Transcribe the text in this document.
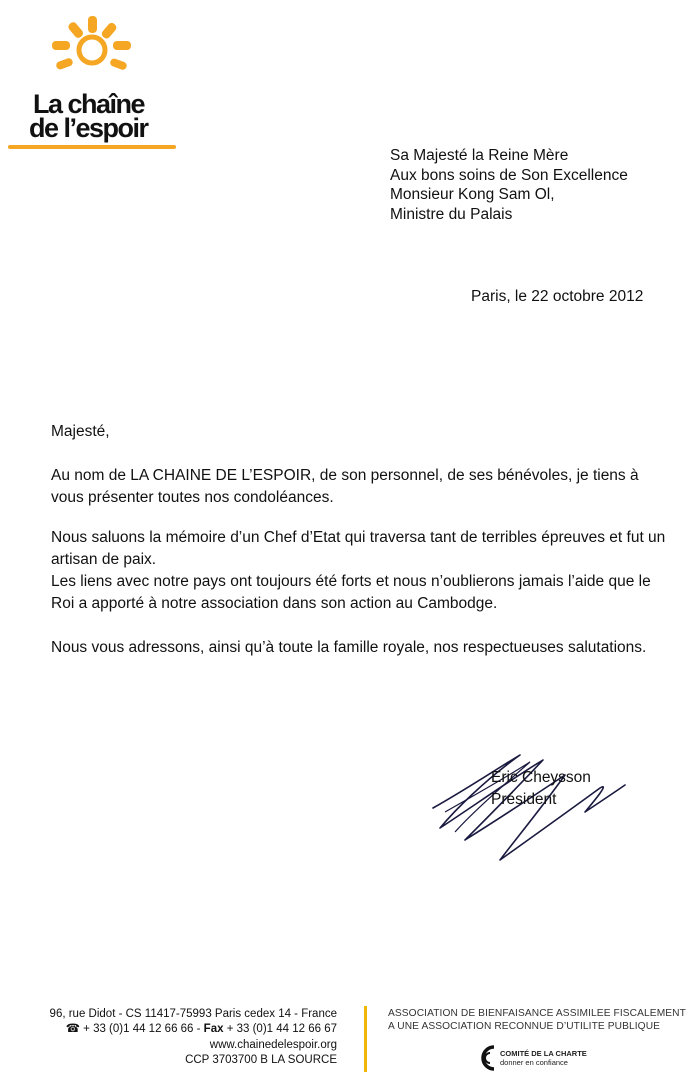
La chaîne
de l’espoir
Sa Majesté la Reine Mère
Aux bons soins de Son Excellence
Monsieur Kong Sam Ol,
Ministre du Palais
Paris, le 22 octobre 2012
Majesté,
Au nom de LA CHAINE DE L’ESPOIR, de son personnel, de ses bénévoles, je tiens à vous présenter toutes nos condoléances.
Nous saluons la mémoire d’un Chef d’Etat qui traversa tant de terribles épreuves et fut un artisan de paix.
Les liens avec notre pays ont toujours été forts et nous n’oublierons jamais l’aide que le Roi a apporté à notre association dans son action au Cambodge.
Nous vous adressons, ainsi qu’à toute la famille royale, nos respectueuses salutations.
Eric Cheysson
Président
96, rue Didot - CS 11417-75993 Paris cedex 14 - France
☎ + 33 (0)1 44 12 66 66 - Fax + 33 (0)1 44 12 66 67
www.chainedelespoir.org
CCP 3703700 B LA SOURCE
ASSOCIATION DE BIENFAISANCE ASSIMILEE FISCALEMENT
A UNE ASSOCIATION RECONNUE D’UTILITE PUBLIQUE
COMITÉ DE LA CHARTE
donner en confiance
